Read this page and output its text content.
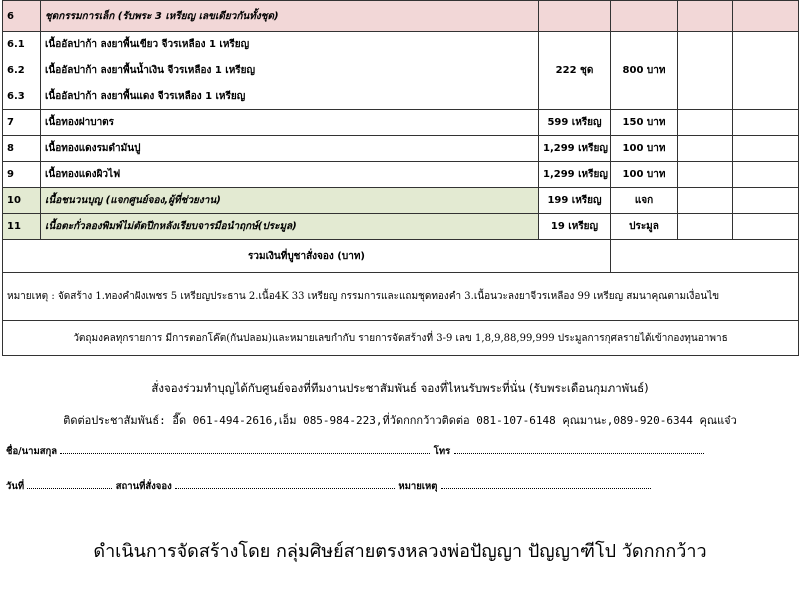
6	ชุดกรรมการเล็ก (รับพระ 3 เหรียญ เลขเดียวกันทั้งชุด)				
6.1	เนื้ออัลปาก้า ลงยาพื้นเขียว จีวรเหลือง 1 เหรียญ	222 ชุด	800 บาท		
6.2	เนื้ออัลปาก้า ลงยาพื้นน้ำเงิน จีวรเหลือง 1 เหรียญ				
6.3	เนื้ออัลปาก้า ลงยาพื้นแดง จีวรเหลือง 1 เหรียญ				
7	เนื้อทองฝาบาตร	599 เหรียญ	150 บาท		
8	เนื้อทองแดงรมดำมันปู	1,299 เหรียญ	100 บาท		
9	เนื้อทองแดงผิวไฟ	1,299 เหรียญ	100 บาท		
10	เนื้อชนวนบุญ (แจกศูนย์จอง,ผู้ที่ช่วยงาน)	199 เหรียญ	แจก		
11	เนื้อตะกั่วลองพิมพ์ไม่ตัดปีกหลังเรียบจารมือนำฤกษ์(ประมูล)	19 เหรียญ	ประมูล		
รวมเงินที่บูชาสั่งจอง (บาท)					
หมายเหตุ : จัดสร้าง 1.ทองคำฝังเพชร 5 เหรียญประธาน 2.เนื้อ4K 33 เหรียญ กรรมการและแถมชุดทองคำ 3.เนื้อนวะลงยาจีวรเหลือง 99 เหรียญ สมนาคุณตามเงื่อนไข					
วัตถุมงคลทุกรายการ มีการตอกโค๊ต(กันปลอม)และหมายเลขกำกับ รายการจัดสร้างที่ 3-9 เลข 1,8,9,88,99,999 ประมูลการกุศลรายได้เข้ากองทุนอาพาธ					
สั่งจองร่วมทำบุญได้กับศูนย์จองที่ทีมงานประชาสัมพันธ์ จองที่ไหนรับพระที่นั่น (รับพระเดือนกุมภาพันธ์)
ติดต่อประชาสัมพันธ์: อี๊ด 061-494-2616,เอ็ม 085-984-223,ที่วัดกกกว้าวติดต่อ 081-107-6148 คุณมานะ,089-920-6344 คุณแจ๋ว
ชื่อ/นามสกุล	โทร
วันที่	สถานที่สั่งจอง	หมายเหตุ
ดำเนินการจัดสร้างโดย กลุ่มศิษย์สายตรงหลวงพ่อปัญญา ปัญญาฑีโป วัดกกกว้าว
